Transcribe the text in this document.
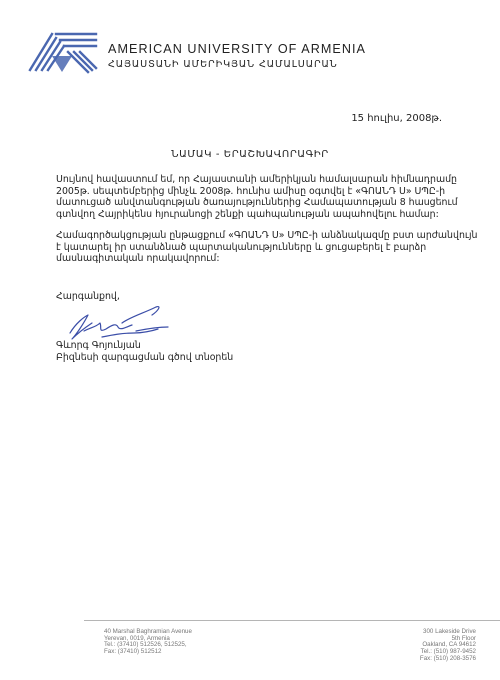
AMERICAN UNIVERSITY OF ARMENIA
ՀԱՅԱՍՏԱՆԻ ԱՄԵՐԻԿՅԱՆ ՀԱՄԱԼՍԱՐԱՆ
15 հուլիս, 2008թ.
ՆԱՄԱԿ - ԵՐԱՇԽԱՎՈՐԱԳԻՐ
Սույնով հավաստում եմ, որ Հայաստանի ամերիկյան համալսարան հիմնադրամը
2005թ. սեպտեմբերից մինչև 2008թ. հունիս ամիսը օգտվել է «ԳՈԱՆԴ Ս» ՍՊԸ-ի
մատուցած անվտանգության ծառայություններից Համապատության 8 հասցեում
գտնվող Հայրիկենս հյուրանոցի շենքի պահպանության ապահովելու համար:
Համագործակցության ընթացքում «ԳՈԱՆԴ Ս» ՍՊԸ-ի անձնակազմը բստ արժանվույն
է կատարել իր ստանձնած պարտականությունները և ցուցաբերել է բարձր
մասնագիտական որակավորում:
Հարգանքով,
Գևորգ Գոյունյան
Բիզնեսի զարգացման գծով տնօրեն
40 Marshal Baghramian Avenue
Yerevan, 0019, Armenia
Tel.: (37410) 512526, 512525,
Fax: (37410) 512512
300 Lakeside Drive
5th Floor
Oakland, CA 94612
Tel.: (510) 987-9452
Fax: (510) 208-3576
